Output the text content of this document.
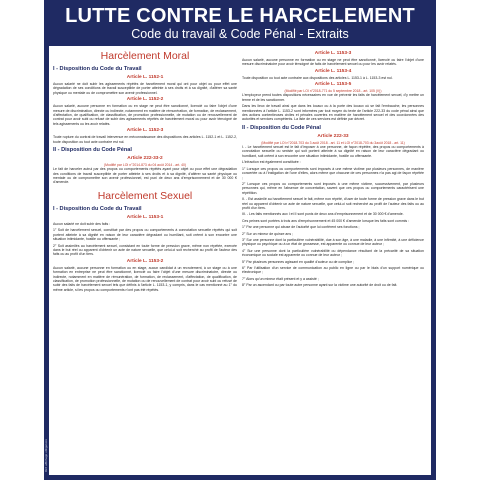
LUTTE CONTRE LE HARCELEMENT
Code du travail & Code Pénal - Extraits
Harcèlement Moral
I - Disposition du Code du Travail
Article L. 1152-1
Aucun salarié ne doit subir les agissements répétés de harcèlement moral qui ont pour objet ou pour effet une dégradation de ses conditions de travail susceptible de porter atteinte à ses droits et à sa dignité, d'altérer sa santé physique ou mentale ou de compromettre son avenir professionnel.
Article L. 1152-2
Aucun salarié, aucune personne en formation ou en stage ne peut être sanctionné, licencié ou faire l'objet d'une mesure de discrimination, directe ou indirecte, notamment en matière de rémunération, de formation, de reclassement, d'affectation, de qualification, de classification, de promotion professionnelle, de mutation ou de renouvellement de contrat pour avoir subi ou refusé de subir des agissements répétés de harcèlement moral ou pour avoir témoigné de tels agissements ou les avoir relatés.
Article L. 1152-3
Toute rupture du contrat de travail intervenue en méconnaissance des dispositions des articles L. 1152-1 et L. 1152-2, toute disposition ou tout acte contraire est nul.
II - Disposition du Code Pénal
Article 222-33-2
(Modifié par LOI n°2014-873 du 04 août 2014 - art. 40)
Le fait de harceler autrui par des propos ou comportements répétés ayant pour objet ou pour effet une dégradation des conditions de travail susceptible de porter atteinte à ses droits et à sa dignité, d'altérer sa santé physique ou mentale ou de compromettre son avenir professionnel, est puni de deux ans d'emprisonnement et de 30 000 € d'amende.
Harcèlement Sexuel
I - Disposition du Code du Travail
Article L. 1153-1
Aucun salarié ne doit subir des faits :
1° Soit de harcèlement sexuel, constitué par des propos ou comportements à connotation sexuelle répétés qui soit portent atteinte à sa dignité en raison de leur caractère dégradant ou humiliant, soit créent à son encontre une situation intimidante, hostile ou offensante ;
2° Soit assimilés au harcèlement sexuel, consistant en toute forme de pression grave, même non répétée, exercée dans le but réel ou apparent d'obtenir un acte de nature sexuelle, que celui-ci soit recherché au profit de l'auteur des faits ou au profit d'un tiers.
Article L. 1153-2
Aucun salarié, aucune personne en formation ou en stage, aucun candidat à un recrutement, à un stage ou à une formation en entreprise ne peut être sanctionné, licencié ou faire l'objet d'une mesure discriminatoire, directe ou indirecte, notamment en matière de rémunération, de formation, de reclassement, d'affectation, de qualification, de classification, de promotion professionnelle, de mutation ou de renouvellement de contrat pour avoir subi ou refusé de subir des faits de harcèlement sexuel tels que définis à l'article L. 1153-1, y compris, dans le cas mentionné au 1° du même article, si les propos ou comportements n'ont pas été répétés.
Article L. 1153-3
Aucun salarié, aucune personne en formation ou en stage ne peut être sanctionné, licencié ou faire l'objet d'une mesure discriminatoire pour avoir témoigné de faits de harcèlement sexuel ou pour les avoir relatés.
Article L. 1153-4
Toute disposition ou tout acte contraire aux dispositions des articles L. 1153-1 à L. 1153-3 est nul.
Article L. 1153-5
(Modifié par LOI n°2018-771 du 5 septembre 2018 - art. 105 (V))
L'employeur prend toutes dispositions nécessaires en vue de prévenir les faits de harcèlement sexuel, d'y mettre un terme et de les sanctionner.
Dans les lieux de travail ainsi que dans les locaux ou à la porte des locaux où se fait l'embauche, les personnes mentionnées à l'article L. 1153-2 sont informées par tout moyen du texte de l'article 222-33 du code pénal ainsi que des actions contentieuses civiles et pénales ouvertes en matière de harcèlement sexuel et des coordonnées des autorités et services compétents. La liste de ces services est définie par décret.
II - Disposition du Code Pénal
Article 222-33
(Modifié par LOI n°2018-703 du 3 août 2018 - art. 11 et LOI n°2018-703 du 3août 2018 - art. 11)
I. - Le harcèlement sexuel est le fait d'imposer à une personne, de façon répétée, des propos ou comportements à connotation sexuelle ou sexiste qui soit portent atteinte à sa dignité en raison de leur caractère dégradant ou humiliant, soit créent à son encontre une situation intimidante, hostile ou offensante.
L'infraction est également constituée :
1° Lorsque ces propos ou comportements sont imposés à une même victime par plusieurs personnes, de manière concertée ou à l'instigation de l'une d'elles, alors même que chacune de ces personnes n'a pas agi de façon répétée ;
2° Lorsque ces propos ou comportements sont imposés à une même victime, successivement, par plusieurs personnes qui, même en l'absence de concertation, savent que ces propos ou comportements caractérisent une répétition.
II. - Est assimilé au harcèlement sexuel le fait, même non répété, d'user de toute forme de pression grave dans le but réel ou apparent d'obtenir un acte de nature sexuelle, que celui-ci soit recherché au profit de l'auteur des faits ou au profit d'un tiers.
III. - Les faits mentionnés aux I et II sont punis de deux ans d'emprisonnement et de 30 000 € d'amende.
Ces peines sont portées à trois ans d'emprisonnement et 45 000 € d'amende lorsque les faits sont commis :
1° Par une personne qui abuse de l'autorité que lui confèrent ses fonctions ;
2° Sur un mineur de quinze ans ;
3° Sur une personne dont la particulière vulnérabilité, due à son âge, à une maladie, à une infirmité, à une déficience physique ou psychique ou à un état de grossesse, est apparente ou connue de leur auteur ;
4° Sur une personne dont la particulière vulnérabilité ou dépendance résultant de la précarité de sa situation économique ou sociale est apparente ou connue de leur auteur ;
5° Par plusieurs personnes agissant en qualité d'auteur ou de complice ;
6° Par l'utilisation d'un service de communication au public en ligne ou par le biais d'un support numérique ou électronique ;
7° Alors qu'un mineur était présent et y a assisté ;
8° Par un ascendant ou par toute autre personne ayant sur la victime une autorité de droit ou de fait.
Réf. affichage obligatoire
